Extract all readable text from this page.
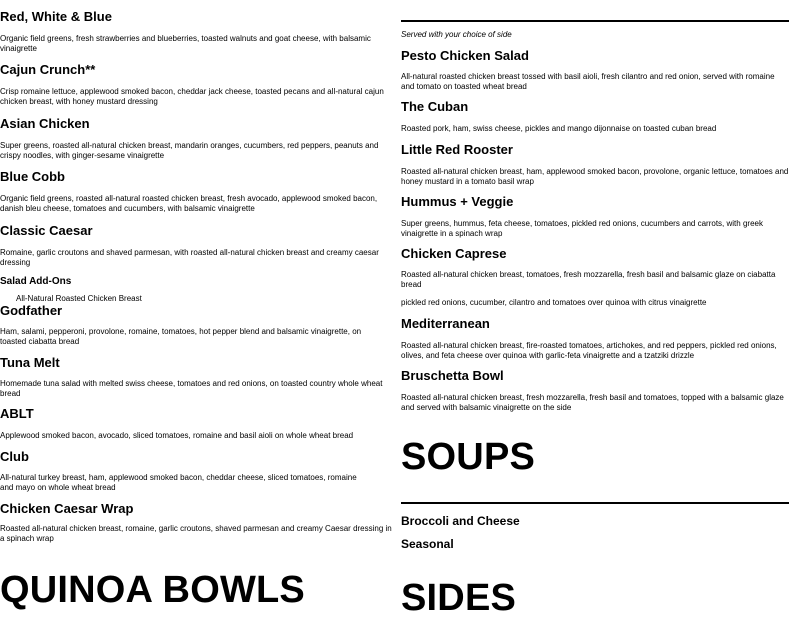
Red, White & Blue
Organic field greens, fresh strawberries and blueberries, toasted walnuts and goat cheese, with balsamic vinaigrette
Cajun Crunch**
Crisp romaine lettuce, applewood smoked bacon, cheddar jack cheese, toasted pecans and all-natural cajun chicken breast, with honey mustard dressing
Asian Chicken
Super greens, roasted all-natural chicken breast, mandarin oranges, cucumbers, red peppers, peanuts and crispy noodles, with ginger-sesame vinaigrette
Blue Cobb
Organic field greens, roasted all-natural roasted chicken breast, fresh avocado, applewood smoked bacon, danish bleu cheese, tomatoes and cucumbers, with balsamic vinaigrette
Classic Caesar
Romaine, garlic croutons and shaved parmesan, with roasted all-natural chicken breast and creamy caesar dressing
Salad Add-Ons
All-Natural Roasted Chicken Breast
Godfather
Ham, salami, pepperoni, provolone, romaine, tomatoes, hot pepper blend and balsamic vinaigrette, on toasted ciabatta bread
Tuna Melt
Homemade tuna salad with melted swiss cheese, tomatoes and red onions, on toasted country whole wheat bread
ABLT
Applewood smoked bacon, avocado, sliced tomatoes, romaine and basil aioli on whole wheat bread
Club
All-natural turkey breast, ham, applewood smoked bacon, cheddar cheese, sliced tomatoes, romaine and mayo on whole wheat bread
Chicken Caesar Wrap
Roasted all-natural chicken breast, romaine, garlic croutons, shaved parmesan and creamy Caesar dressing in a spinach wrap
QUINOA BOWLS
Served with your choice of side
Pesto Chicken Salad
All-natural roasted chicken breast tossed with basil aioli, fresh cilantro and red onion, served with romaine and tomato on toasted wheat bread
The Cuban
Roasted pork, ham, swiss cheese, pickles and mango dijonnaise on toasted cuban bread
Little Red Rooster
Roasted all-natural chicken breast, ham, applewood smoked bacon, provolone, organic lettuce, tomatoes and honey mustard in a tomato basil wrap
Hummus + Veggie
Super greens, hummus, feta cheese, tomatoes, pickled red onions, cucumbers and carrots, with greek vinaigrette in a spinach wrap
Chicken Caprese
Roasted all-natural chicken breast, tomatoes, fresh mozzarella, fresh basil and balsamic glaze on ciabatta bread
pickled red onions, cucumber, cilantro and tomatoes over quinoa with citrus vinaigrette
Mediterranean
Roasted all-natural chicken breast, fire-roasted tomatoes, artichokes, and red peppers, pickled red onions, olives, and feta cheese over quinoa with garlic-feta vinaigrette and a tzatziki drizzle
Bruschetta Bowl
Roasted all-natural chicken breast, fresh mozzarella, fresh basil and tomatoes, topped with a balsamic glaze and served with balsamic vinaigrette on the side
SOUPS
Broccoli and Cheese
Seasonal
SIDES
